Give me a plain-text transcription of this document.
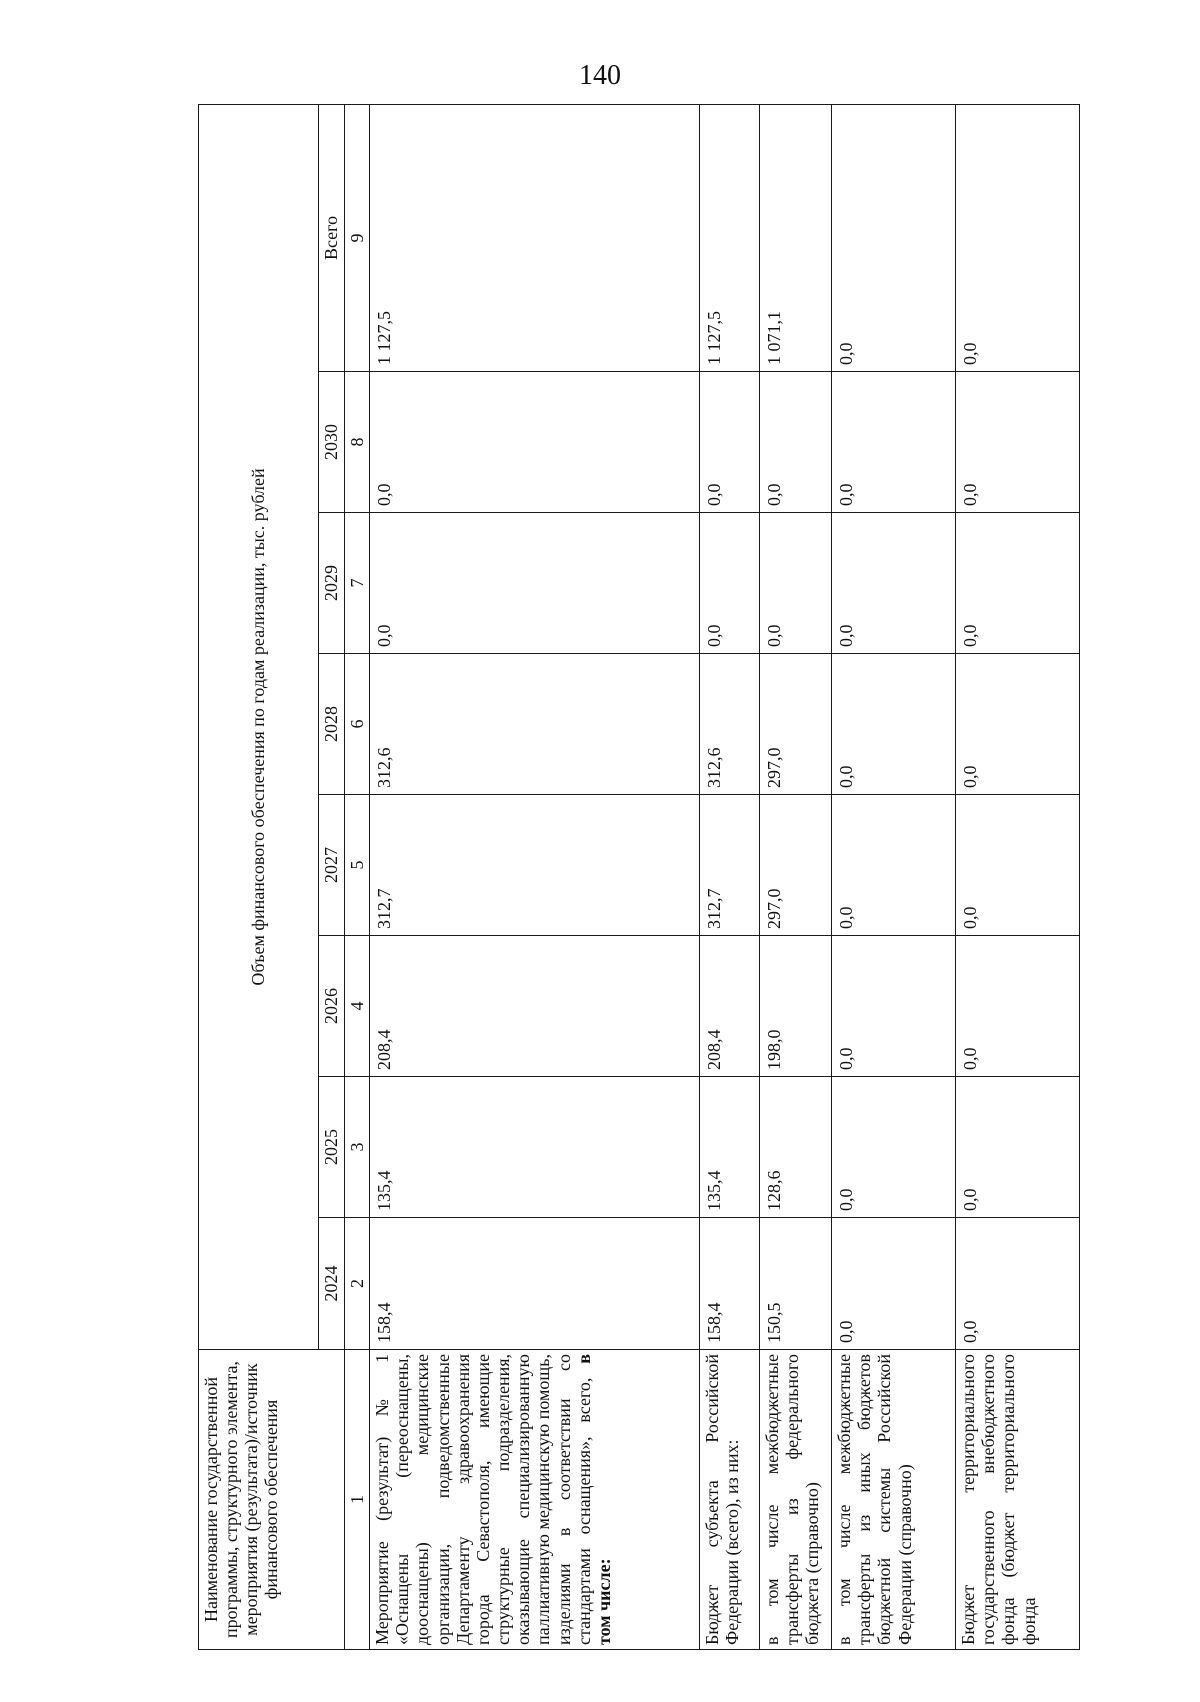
140
Наименование государственной программы, структурного элемента, мероприятия (результата)/источник финансового обеспечения	Объем финансового обеспечения по годам реализации, тыс. рублей							
	2024	2025	2026	2027	2028	2029	2030	Всего
1	2	3	4	5	6	7	8	9
Мероприятие (результат) № 1 «Оснащены (переоснащены, дооснащены) медицинские организации, подведомственные Департаменту здравоохранения города Севастополя, имеющие структурные подразделения, оказывающие специализированную паллиативную медицинскую помощь, изделиями в соответствии со стандартами оснащения», всего, в том числе:	158,4	135,4	208,4	312,7	312,6	0,0	0,0	1 127,5
Бюджет субъекта Российской Федерации (всего), из них:	158,4	135,4	208,4	312,7	312,6	0,0	0,0	1 127,5
в том числе межбюджетные трансферты из федерального бюджета (справочно)	150,5	128,6	198,0	297,0	297,0	0,0	0,0	1 071,1
в том числе межбюджетные трансферты из иных бюджетов бюджетной системы Российской Федерации (справочно)	0,0	0,0	0,0	0,0	0,0	0,0	0,0	0,0
Бюджет территориального государственного внебюджетного фонда (бюджет территориального фонда	0,0	0,0	0,0	0,0	0,0	0,0	0,0	0,0
